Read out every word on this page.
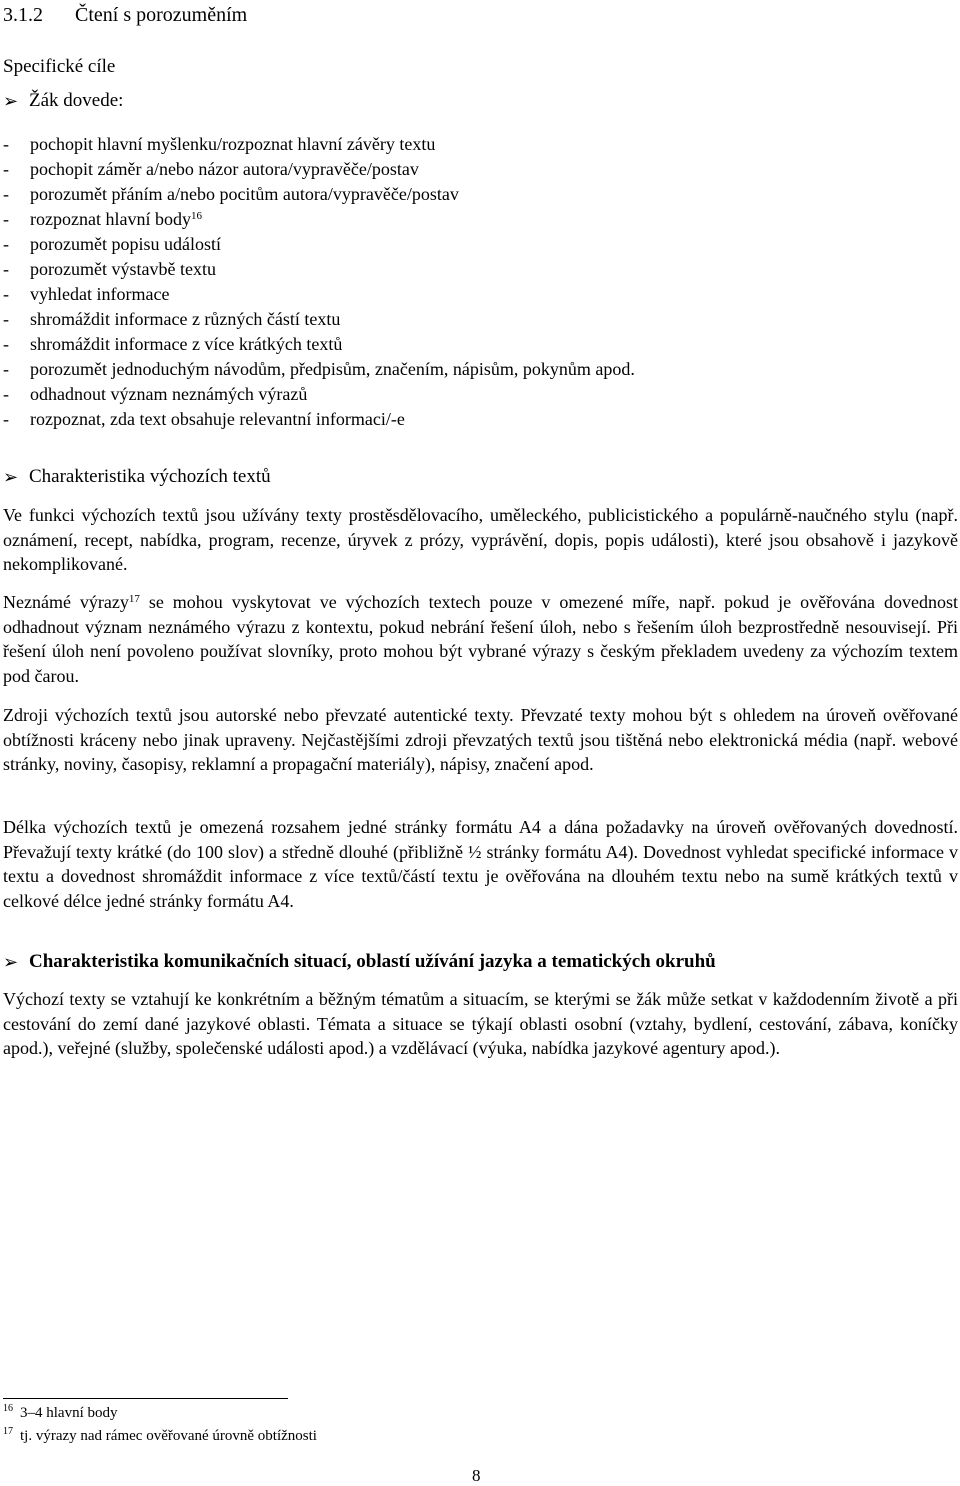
3.1.2 Čtení s porozuměním
Specifické cíle
➢ Žák dovede:
-	pochopit hlavní myšlenku/rozpoznat hlavní závěry textu
-	pochopit záměr a/nebo názor autora/vypravěče/postav
-	porozumět přáním a/nebo pocitům autora/vypravěče/postav
-	rozpoznat hlavní body$^{16}$
-	porozumět popisu událostí
-	porozumět výstavbě textu
-	vyhledat informace
-	shromáždit informace z různých částí textu
-	shromáždit informace z více krátkých textů
-	porozumět jednoduchým návodům, předpisům, značením, nápisům, pokynům apod.
-	odhadnout význam neznámých výrazů
-	rozpoznat, zda text obsahuje relevantní informaci/-e
➢ Charakteristika výchozích textů
Ve funkci výchozích textů jsou užívány texty prostěsdělovacího, uměleckého, publicistického a populárně-naučného stylu (např. oznámení, recept, nabídka, program, recenze, úryvek z prózy, vyprávění, dopis, popis události), které jsou obsahově i jazykově nekomplikované.
Neznámé výrazy$^{17}$ se mohou vyskytovat ve výchozích textech pouze v omezené míře, např. pokud je ověřována dovednost odhadnout význam neznámého výrazu z kontextu, pokud nebrání řešení úloh, nebo s řešením úloh bezprostředně nesouvisejí. Při řešení úloh není povoleno používat slovníky, proto mohou být vybrané výrazy s českým překladem uvedeny za výchozím textem pod čarou.
Zdroji výchozích textů jsou autorské nebo převzaté autentické texty. Převzaté texty mohou být s ohledem na úroveň ověřované obtížnosti kráceny nebo jinak upraveny. Nejčastějšími zdroji převzatých textů jsou tištěná nebo elektronická média (např. webové stránky, noviny, časopisy, reklamní a propagační materiály), nápisy, značení apod.
Délka výchozích textů je omezená rozsahem jedné stránky formátu A4 a dána požadavky na úroveň ověřovaných dovedností. Převažují texty krátké (do 100 slov) a středně dlouhé (přibližně ½ stránky formátu A4). Dovednost vyhledat specifické informace v textu a dovednost shromáždit informace z více textů/částí textu je ověřována na dlouhém textu nebo na sumě krátkých textů v celkové délce jedné stránky formátu A4.
➢ Charakteristika komunikačních situací, oblastí užívání jazyka a tematických okruhů
Výchozí texty se vztahují ke konkrétním a běžným tématům a situacím, se kterými se žák může setkat v každodenním životě a při cestování do zemí dané jazykové oblasti. Témata a situace se týkají oblasti osobní (vztahy, bydlení, cestování, zábava, koníčky apod.), veřejné (služby, společenské události apod.) a vzdělávací (výuka, nabídka jazykové agentury apod.).
16 3–4 hlavní body
17 tj. výrazy nad rámec ověřované úrovně obtížnosti
8
